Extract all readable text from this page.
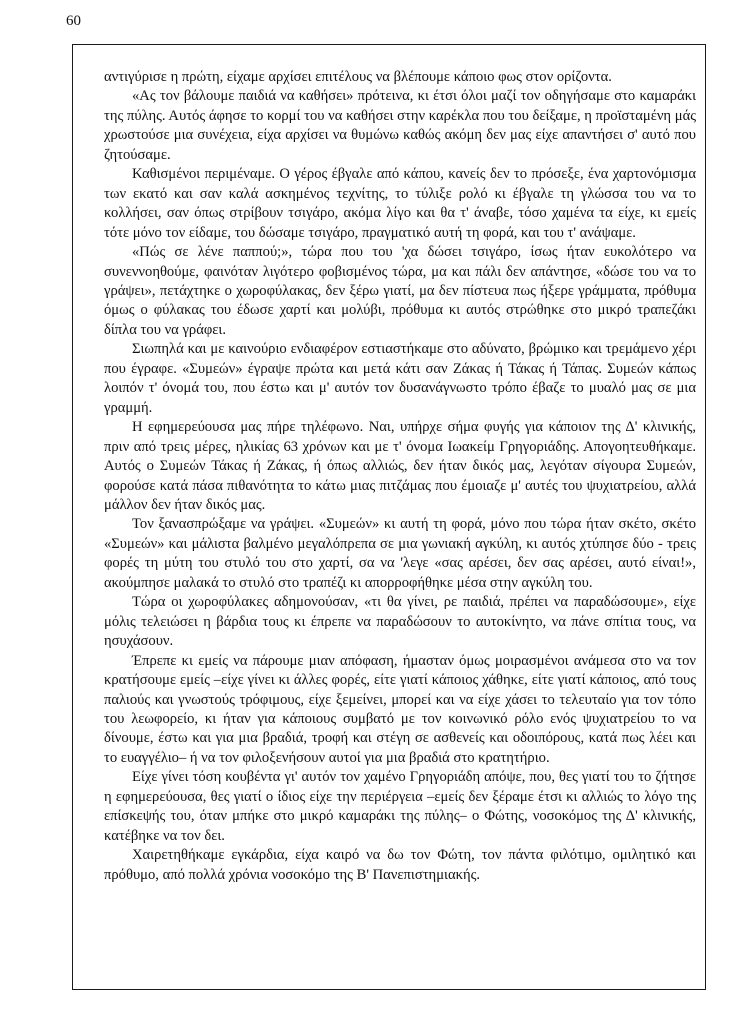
60

αντιγύρισε η πρώτη, είχαμε αρχίσει επιτέλους να βλέπουμε κάποιο φως στον ορίζοντα.

«Ας τον βάλουμε παιδιά να καθήσει» πρότεινα, κι έτσι όλοι μαζί τον οδηγήσαμε στο καμαράκι της πύλης. Αυτός άφησε το κορμί του να καθήσει στην καρέκλα που του δείξαμε, η προϊσταμένη μάς χρωστούσε μια συνέχεια, είχα αρχίσει να θυμώνω καθώς ακόμη δεν μας είχε απαντήσει σ' αυτό που ζητούσαμε.

Καθισμένοι περιμέναμε. Ο γέρος έβγαλε από κάπου, κανείς δεν το πρόσεξε, ένα χαρτονόμισμα των εκατό και σαν καλά ασκημένος τεχνίτης, το τύλιξε ρολό κι έβγαλε τη γλώσσα του να το κολλήσει, σαν όπως στρίβουν τσιγάρο, ακόμα λίγο και θα τ' άναβε, τόσο χαμένα τα είχε, κι εμείς τότε μόνο τον είδαμε, του δώσαμε τσιγάρο, πραγματικό αυτή τη φορά, και του τ' ανάψαμε.

«Πώς σε λένε παππού;», τώρα που του 'χα δώσει τσιγάρο, ίσως ήταν ευκολότερο να συνεννοηθούμε, φαινόταν λιγότερο φοβισμένος τώρα, μα και πάλι δεν απάντησε, «δώσε του να το γράψει», πετάχτηκε ο χωροφύλακας, δεν ξέρω γιατί, μα δεν πίστευα πως ήξερε γράμματα, πρόθυμα όμως ο φύλακας του έδωσε χαρτί και μολύβι, πρόθυμα κι αυτός στρώθηκε στο μικρό τραπεζάκι δίπλα του να γράφει.

Σιωπηλά και με καινούριο ενδιαφέρον εστιαστήκαμε στο αδύνατο, βρώμικο και τρεμάμενο χέρι που έγραφε. «Συμεών» έγραψε πρώτα και μετά κάτι σαν Ζάκας ή Τάκας ή Τάπας. Συμεών κάπως λοιπόν τ' όνομά του, που έστω και μ' αυτόν τον δυσανάγνωστο τρόπο έβαζε το μυαλό μας σε μια γραμμή.

Η εφημερεύουσα μας πήρε τηλέφωνο. Ναι, υπήρχε σήμα φυγής για κάποιον της Δ' κλινικής, πριν από τρεις μέρες, ηλικίας 63 χρόνων και με τ' όνομα Ιωακείμ Γρηγοριάδης. Απογοητευθήκαμε. Αυτός ο Συμεών Τάκας ή Ζάκας, ή όπως αλλιώς, δεν ήταν δικός μας, λεγόταν σίγουρα Συμεών, φορούσε κατά πάσα πιθανότητα το κάτω μιας πιτζάμας που έμοιαζε μ' αυτές του ψυχιατρείου, αλλά μάλλον δεν ήταν δικός μας.

Τον ξανασπρώξαμε να γράψει. «Συμεών» κι αυτή τη φορά, μόνο που τώρα ήταν σκέτο, σκέτο «Συμεών» και μάλιστα βαλμένο μεγαλόπρεπα σε μια γωνιακή αγκύλη, κι αυτός χτύπησε δύο - τρεις φορές τη μύτη του στυλό του στο χαρτί, σα να 'λεγε «σας αρέσει, δεν σας αρέσει, αυτό είναι!», ακούμπησε μαλακά το στυλό στο τραπέζι κι απορροφήθηκε μέσα στην αγκύλη του.

Τώρα οι χωροφύλακες αδημονούσαν, «τι θα γίνει, ρε παιδιά, πρέπει να παραδώσουμε», είχε μόλις τελειώσει η βάρδια τους κι έπρεπε να παραδώσουν το αυτοκίνητο, να πάνε σπίτια τους, να ησυχάσουν.

Έπρεπε κι εμείς να πάρουμε μιαν απόφαση, ήμασταν όμως μοιρασμένοι ανάμεσα στο να τον κρατήσουμε εμείς –είχε γίνει κι άλλες φορές, είτε γιατί κάποιος χάθηκε, είτε γιατί κάποιος, από τους παλιούς και γνωστούς τρόφιμους, είχε ξεμείνει, μπορεί και να είχε χάσει το τελευταίο για τον τόπο του λεωφορείο, κι ήταν για κάποιους συμβατό με τον κοινωνικό ρόλο ενός ψυχιατρείου το να δίνουμε, έστω και για μια βραδιά, τροφή και στέγη σε ασθενείς και οδοιπόρους, κατά πως λέει και το ευαγγέλιο– ή να τον φιλοξενήσουν αυτοί για μια βραδιά στο κρατητήριο.

Είχε γίνει τόση κουβέντα γι' αυτόν τον χαμένο Γρηγοριάδη απόψε, που, θες γιατί του το ζήτησε η εφημερεύουσα, θες γιατί ο ίδιος είχε την περιέργεια –εμείς δεν ξέραμε έτσι κι αλλιώς το λόγο της επίσκεψής του, όταν μπήκε στο μικρό καμαράκι της πύλης– ο Φώτης, νοσοκόμος της Δ' κλινικής, κατέβηκε να τον δει.

Χαιρετηθήκαμε εγκάρδια, είχα καιρό να δω τον Φώτη, τον πάντα φιλότιμο, ομιλητικό και πρόθυμο, από πολλά χρόνια νοσοκόμο της Β' Πανεπιστημιακής.
